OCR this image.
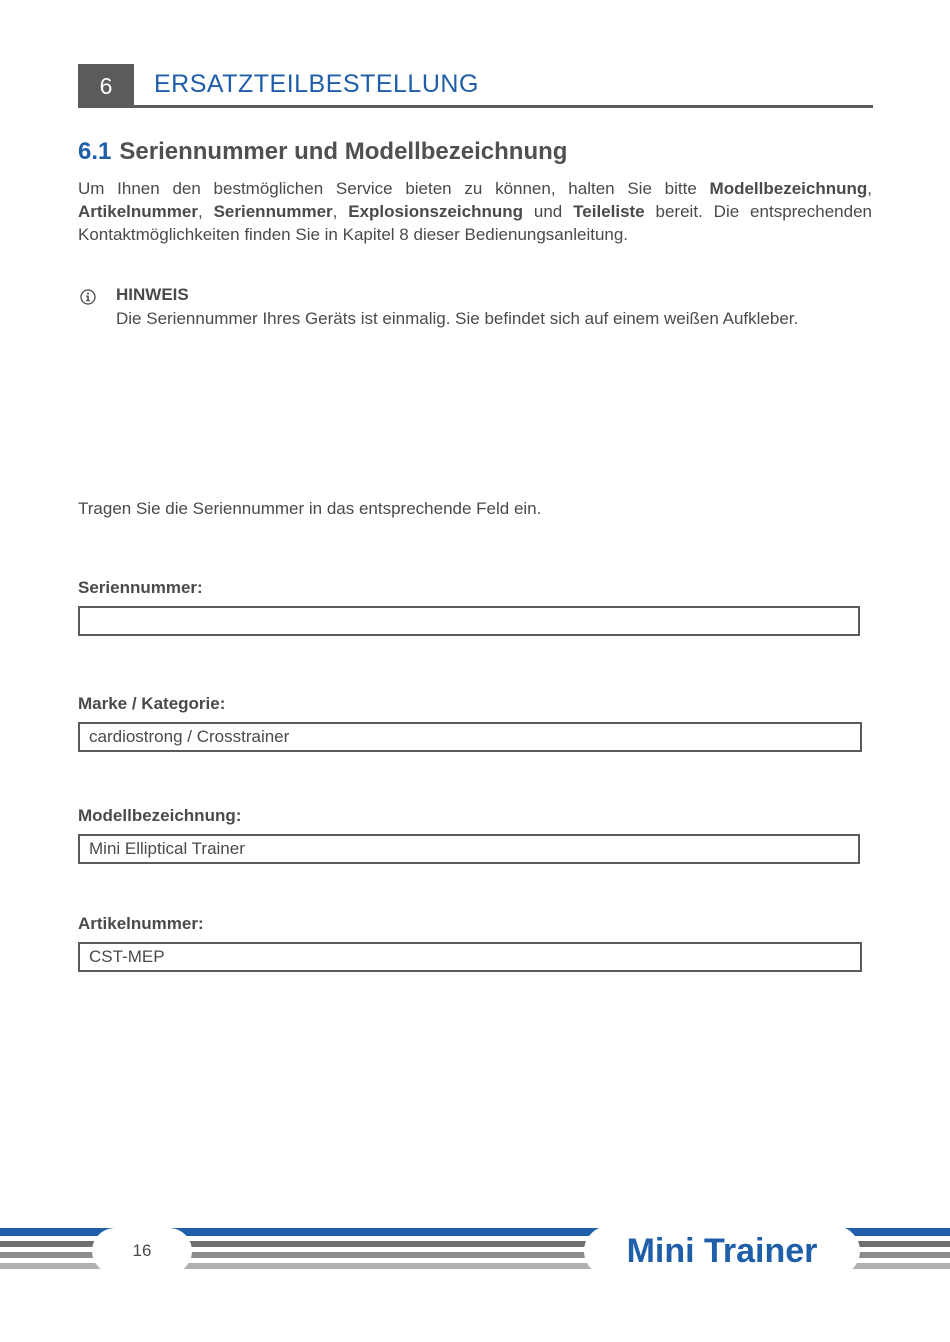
6	ERSATZTEILBESTELLUNG
6.1 Seriennummer und Modellbezeichnung

Um Ihnen den bestmöglichen Service bieten zu können, halten Sie bitte Modellbezeichnung, Artikelnummer, Seriennummer, Explosionszeichnung und Teileliste bereit. Die entsprechenden Kontaktmöglichkeiten finden Sie in Kapitel 8 dieser Bedienungsanleitung.

HINWEIS
Die Seriennummer Ihres Geräts ist einmalig. Sie befindet sich auf einem weißen Aufkleber.
Tragen Sie die Seriennummer in das entsprechende Feld ein.
Seriennummer:
Marke / Kategorie:
cardiostrong / Crosstrainer
Modellbezeichnung:
Mini Elliptical Trainer
Artikelnummer:
CST-MEP
16	Mini Trainer
